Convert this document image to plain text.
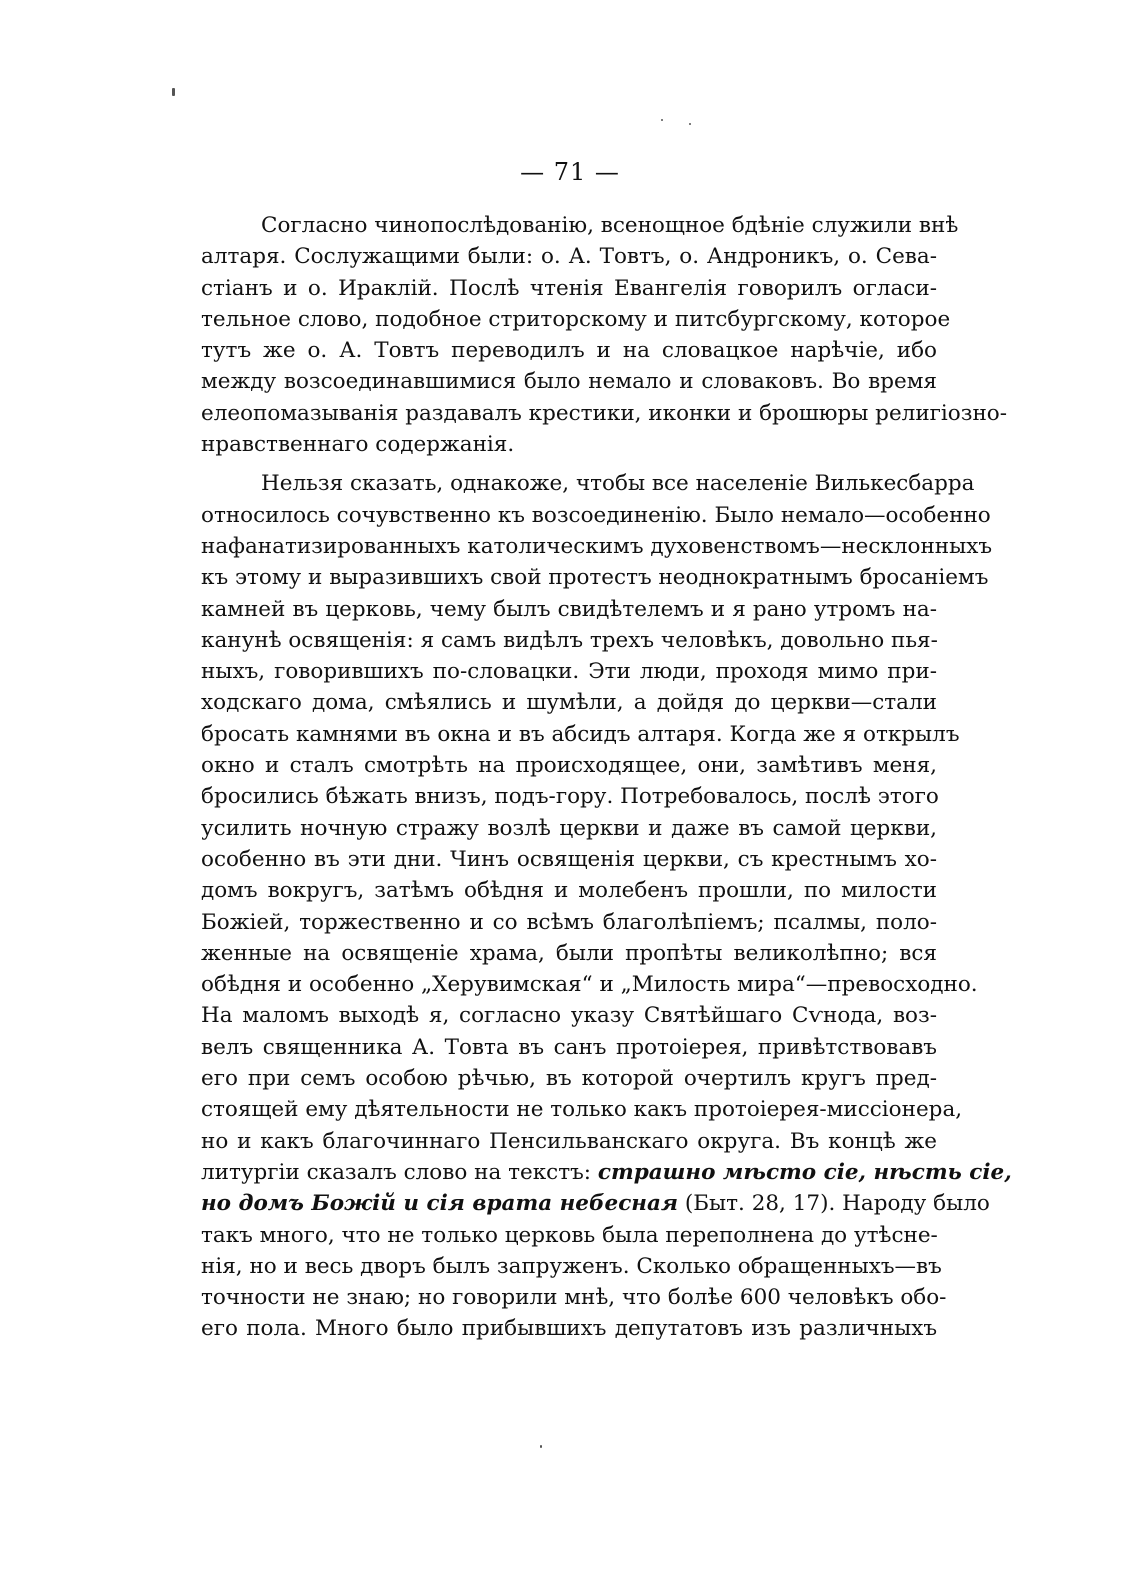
— 71 —
Согласно чинопослѣдованію, всенощное бдѣніе служили внѣ
алтаря. Сослужащими были: о. А. Товтъ, о. Андроникъ, о. Сева-
стіанъ и о. Ираклій. Послѣ чтенія Евангелія говорилъ огласи-
тельное слово, подобное стриторскому и питсбургскому, которое
тутъ же о. А. Товтъ переводилъ и на словацкое нарѣчіе, ибо
между возсоединавшимися было немало и словаковъ. Во время
елеопомазыванія раздавалъ крестики, иконки и брошюры религіозно-
нравственнаго содержанія.
Нельзя сказать, однакоже, чтобы все населеніе Вилькесбарра
относилось сочувственно къ возсоединенію. Было немало—особенно
нафанатизированныхъ католическимъ духовенствомъ—несклонныхъ
къ этому и выразившихъ свой протестъ неоднократнымъ бросаніемъ
камней въ церковь, чему былъ свидѣтелемъ и я рано утромъ на-
канунѣ освященія: я самъ видѣлъ трехъ человѣкъ, довольно пья-
ныхъ, говорившихъ по-словацки. Эти люди, проходя мимо при-
ходскаго дома, смѣялись и шумѣли, а дойдя до церкви—стали
бросать камнями въ окна и въ абсидъ алтаря. Когда же я открылъ
окно и сталъ смотрѣть на происходящее, они, замѣтивъ меня,
бросились бѣжать внизъ, подъ-гору. Потребовалось, послѣ этого
усилить ночную стражу возлѣ церкви и даже въ самой церкви,
особенно въ эти дни. Чинъ освященія церкви, съ крестнымъ хо-
домъ вокругъ, затѣмъ обѣдня и молебенъ прошли, по милости
Божіей, торжественно и со всѣмъ благолѣпіемъ; псалмы, поло-
женные на освященіе храма, были пропѣты великолѣпно; вся
обѣдня и особенно „Херувимская“ и „Милость мира“—превосходно.
На маломъ выходѣ я, согласно указу Святѣйшаго Сѵнода, воз-
велъ священника А. Товта въ санъ протоіерея, привѣтствовавъ
его при семъ особою рѣчью, въ которой очертилъ кругъ пред-
стоящей ему дѣятельности не только какъ протоіерея-миссіонера,
но и какъ благочиннаго Пенсильванскаго округа. Въ концѣ же
литургіи сказалъ слово на текстъ: страшно мѣсто сіе, нѣсть сіе,
но домъ Божій и сія врата небесная (Быт. 28, 17). Народу было
такъ много, что не только церковь была переполнена до утѣсне-
нія, но и весь дворъ былъ запруженъ. Сколько обращенныхъ—въ
точности не знаю; но говорили мнѣ, что болѣе 600 человѣкъ обо-
его пола. Много было прибывшихъ депутатовъ изъ различныхъ
